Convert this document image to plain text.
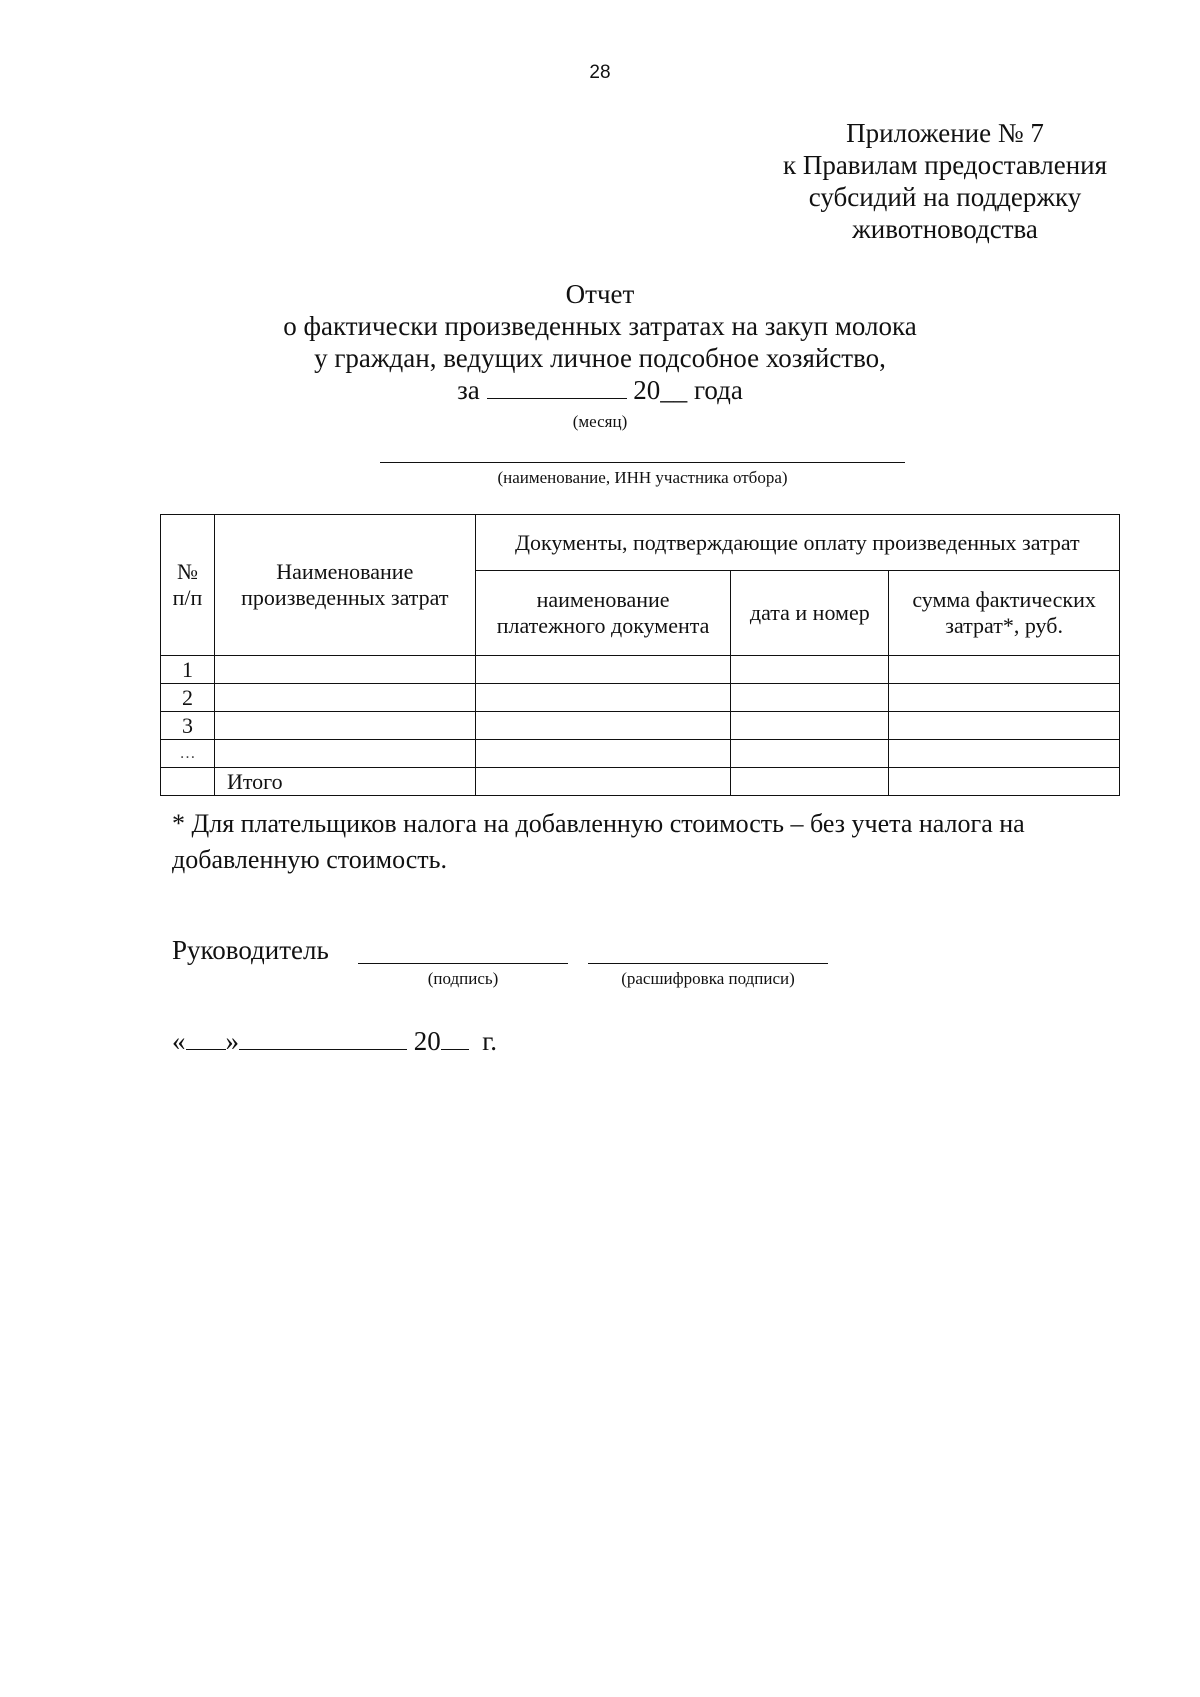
28
Приложение № 7
к Правилам предоставления
субсидий на поддержку
животноводства
Отчет
о фактически произведенных затратах на закуп молока
у граждан, ведущих личное подсобное хозяйство,
за	20__ года
(месяц)
(наименование, ИНН участника отбора)
№ п/п	Наименование произведенных затрат	Документы, подтверждающие оплату произведенных затрат		
		наименование платежного документа	дата и номер	сумма фактических затрат*, руб.
1				
2				
3				
…				
	Итого			
* Для плательщиков налога на добавленную стоимость – без учета налога на добавленную стоимость.
Руководитель
(подпись)	(расшифровка подписи)
« »	20 г.
